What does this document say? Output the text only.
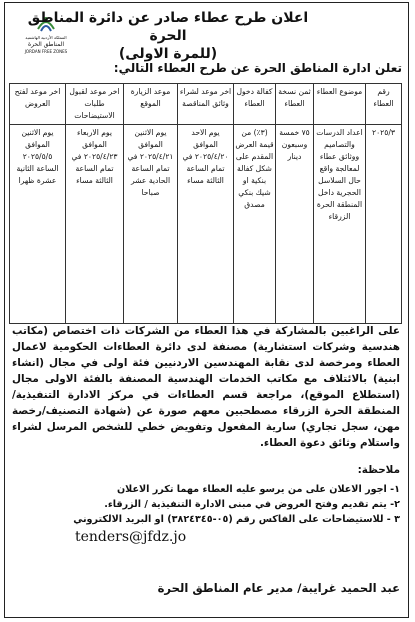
المملكة الأردنية الهاشمية
المناطق الحرة
JORDAN FREE ZONES
اعلان طرح عطاء صادر عن دائرة المناطق الحرة
(للمرة الاولى)

تعلن ادارة المناطق الحرة عن طرح العطاء التالي:

رقم العطاء	موضوع العطاء	ثمن نسخة العطاء	كفالة دخول العطاء	اخر موعد لشراء وثائق المناقصة	موعد الزيارة الموقع	اخر موعد لقبول طلبات الاستيضاحات	اخر موعد لفتح العروض
٢٠٢٥/٣	اعداد الدرسات والتصاميم ووثائق عطاء لمعالجة واقع حال السلاسل الحجرية داخل المنطقة الحرة الزرقاء	٧٥ خمسة وسبعون دينار	(٣٪) من قيمة العرض المقدم على شكل كفالة بنكية او شيك بنكي مصدق	يوم الاحد الموافق ٢٠٢٥/٤/٢٠ في تمام الساعة الثالثة مساء	يوم الاثنين الموافق ٢٠٢٥/٤/٢١ في تمام الساعة الحادية عشر صباحا	يوم الاربعاء الموافق ٢٠٢٥/٤/٢٣ في تمام الساعة الثالثة مساء	يوم الاثنين الموافق ٢٠٢٥/٥/٥ الساعة الثانية عشرة ظهرا

على الراغبين بالمشاركة في هذا العطاء من الشركات ذات اختصاص (مكاتب هندسية وشركات استشارية) مصنفة لدى دائرة العطاءات الحكومية لاعمال العطاء ومرخصة لدى نقابة المهندسين الاردنيين فئة اولى في مجال (انشاء ابنية) بالائتلاف مع مكاتب الخدمات الهندسية المصنفة بالفئة الاولى مجال (استطلاع الموقع)، مراجعة قسم العطاءات في مركز الادارة التنفيذية/ المنطقة الحرة الزرقاء مصطحبين معهم صورة عن (شهادة التصنيف/رخصة مهن، سجل تجاري) سارية المفعول وتفويض خطي للشخص المرسل لشراء واستلام وثائق دعوة العطاء.

ملاحظة:

١- اجور الاعلان على من يرسو عليه العطاء مهما تكرر الاعلان
٢- يتم تقديم وفتح العروض في مبنى الادارة التنفيذية / الزرقاء.
٣ - للاستيضاحات على الفاكس رقم (٠٥-٣٨٢٤٣٤٥) او البريد الالكتروني
tenders@jfdz.jo

عبد الحميد غرايبة/ مدير عام المناطق الحرة
